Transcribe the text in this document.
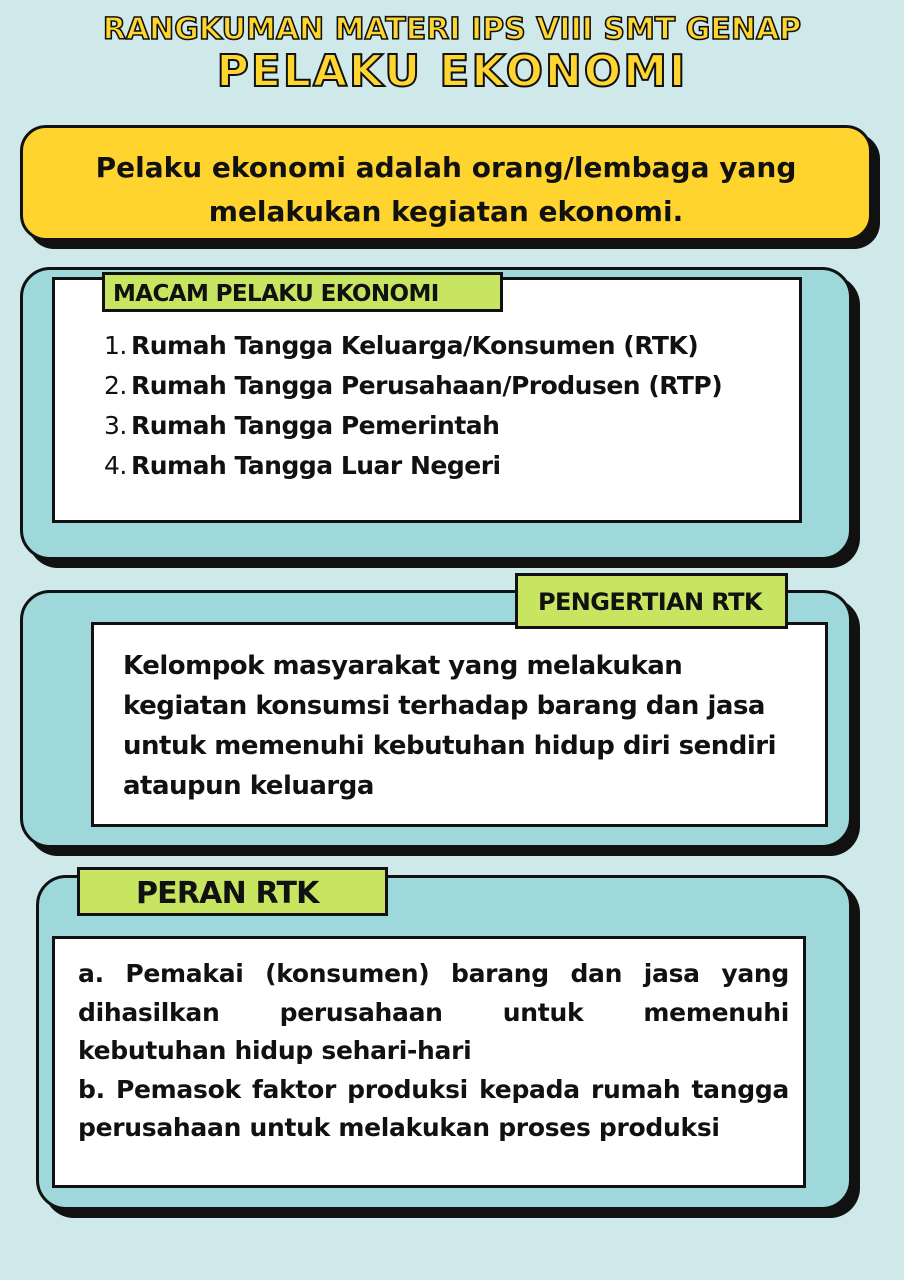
RANGKUMAN MATERI IPS VIII SMT GENAP
PELAKU EKONOMI
Pelaku ekonomi adalah orang/lembaga yang
melakukan kegiatan ekonomi.
MACAM PELAKU EKONOMI
1. Rumah Tangga Keluarga/Konsumen (RTK)
2. Rumah Tangga Perusahaan/Produsen (RTP)
3. Rumah Tangga Pemerintah
4. Rumah Tangga Luar Negeri
PENGERTIAN RTK
Kelompok masyarakat yang melakukan kegiatan konsumsi terhadap barang dan jasa untuk memenuhi kebutuhan hidup diri sendiri ataupun keluarga
PERAN RTK

a. Pemakai (konsumen) barang dan jasa yang dihasilkan perusahaan untuk memenuhi kebutuhan hidup sehari-hari

b. Pemasok faktor produksi kepada rumah tangga perusahaan untuk melakukan proses produksi
